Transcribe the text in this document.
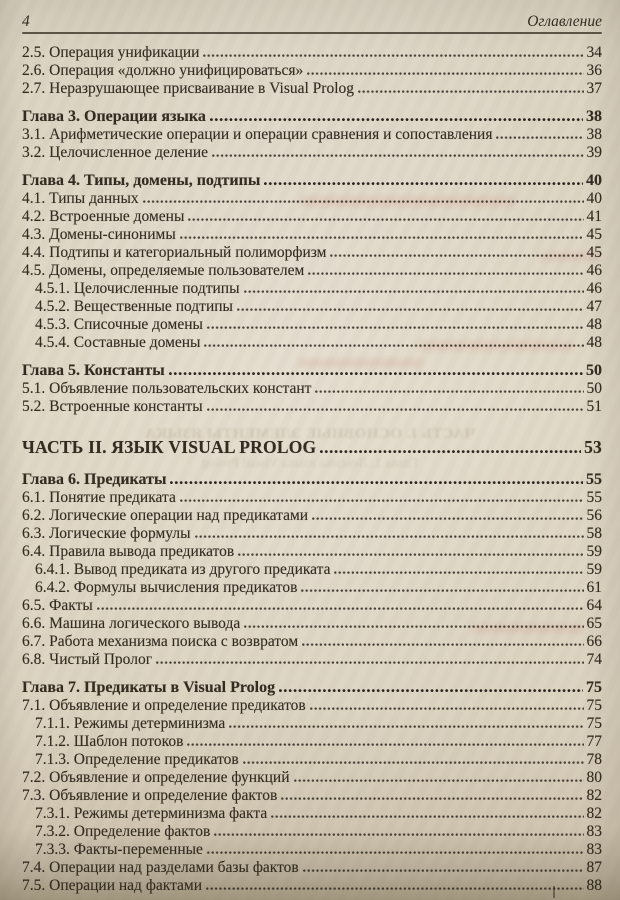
ЧАСТЬ I. ОСНОВНЫЕ ЭЛЕМЕНТЫ ЯЗЫКА
Глава 1. Лексика языка Visual Prolog
4	Оглавление
2.5. Операция унификации	34
2.6. Операция «должно унифицироваться»	36
2.7. Неразрушающее присваивание в Visual Prolog	37
Глава 3. Операции языка	38
3.1. Арифметические операции и операции сравнения и сопоставления	38
3.2. Целочисленное деление	39
Глава 4. Типы, домены, подтипы	40
4.1. Типы данных	40
4.2. Встроенные домены	41
4.3. Домены-синонимы	45
4.4. Подтипы и категориальный полиморфизм	45
4.5. Домены, определяемые пользователем	46
4.5.1. Целочисленные подтипы	46
4.5.2. Вещественные подтипы	47
4.5.3. Списочные домены	48
4.5.4. Составные домены	48
Глава 5. Константы	50
5.1. Объявление пользовательских констант	50
5.2. Встроенные константы	51
ЧАСТЬ II. ЯЗЫК VISUAL PROLOG	53
Глава 6. Предикаты	55
6.1. Понятие предиката	55
6.2. Логические операции над предикатами	56
6.3. Логические формулы	58
6.4. Правила вывода предикатов	59
6.4.1. Вывод предиката из другого предиката	59
6.4.2. Формулы вычисления предикатов	61
6.5. Факты	64
6.6. Машина логического вывода	65
6.7. Работа механизма поиска с возвратом	66
6.8. Чистый Пролог	74
Глава 7. Предикаты в Visual Prolog	75
7.1. Объявление и определение предикатов	75
7.1.1. Режимы детерминизма	75
7.1.2. Шаблон потоков	77
7.1.3. Определение предикатов	78
7.2. Объявление и определение функций	80
7.3. Объявление и определение фактов	82
7.3.1. Режимы детерминизма факта	82
7.3.2. Определение фактов	83
7.3.3. Факты-переменные	83
7.4. Операции над разделами базы фактов	87
7.5. Операции над фактами	88
